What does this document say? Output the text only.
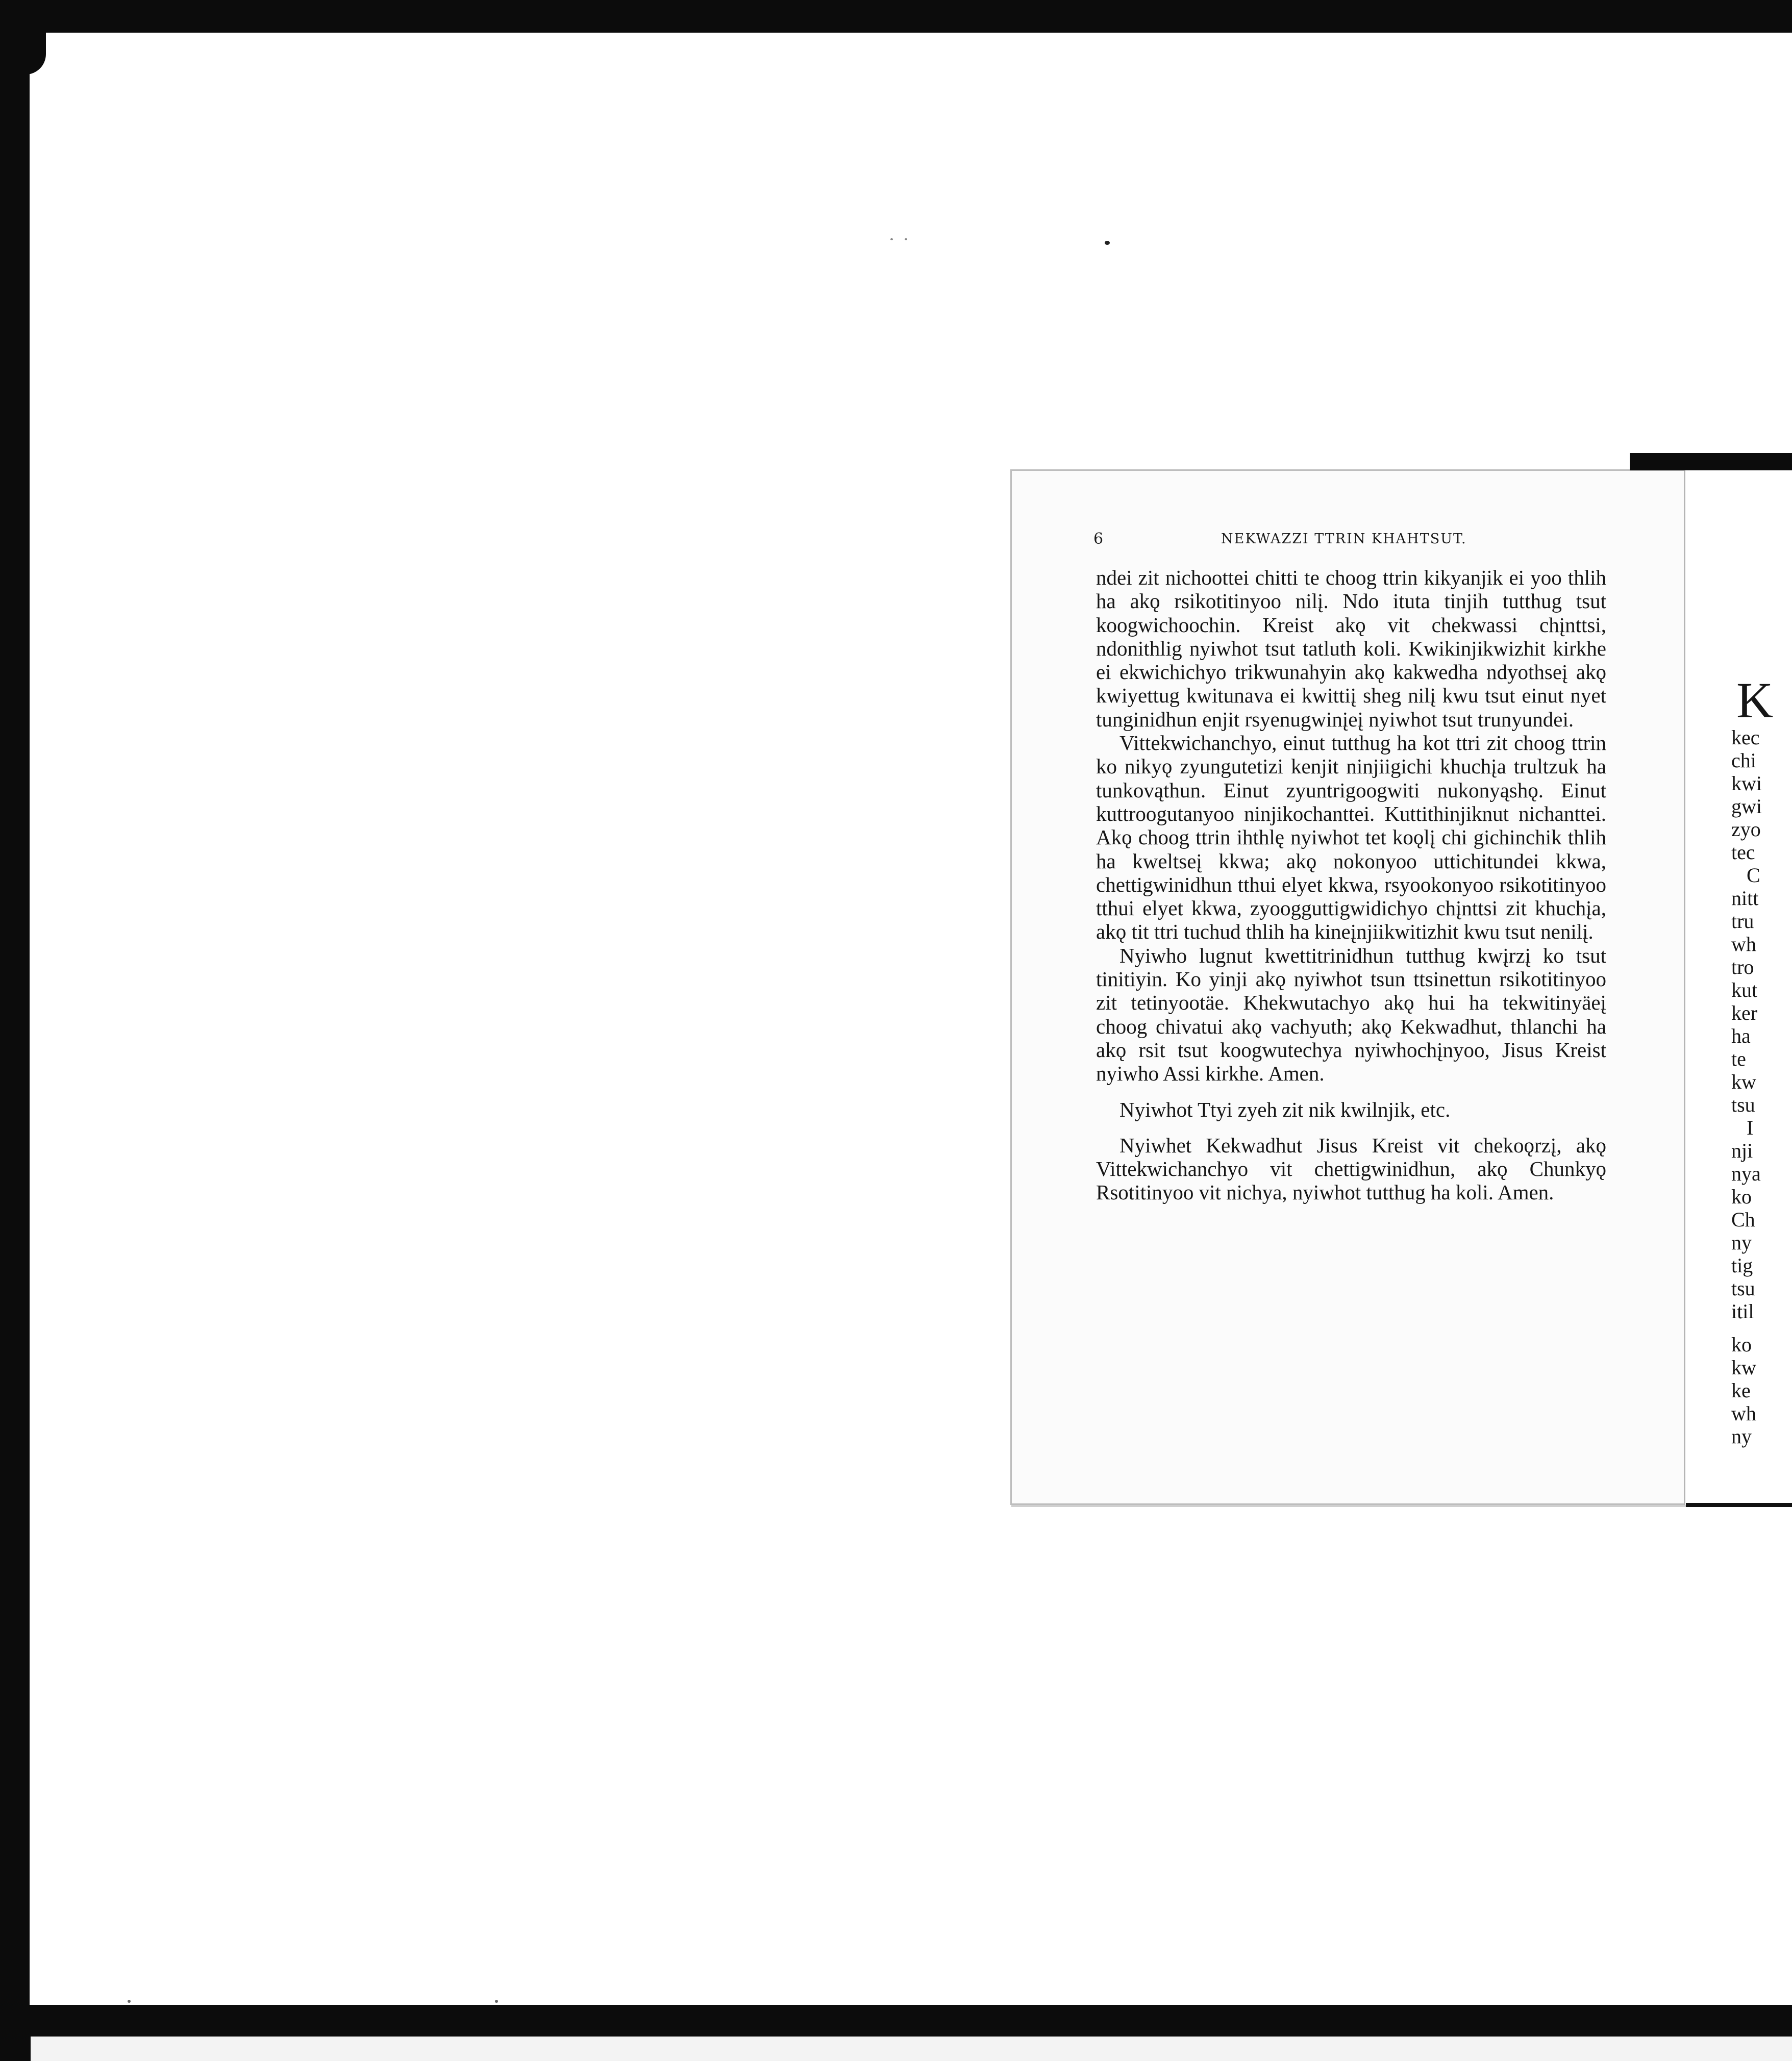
6	NEKWAZZI TTRIN KHAHTSUT.

ndei zit nichoottei chitti te choog ttrin kikyanjik ei yoo thlih ha akǫ rsikotitinyoo nilį. Ndo ituta tinjih tutthug tsut koogwichoochin. Kreist akǫ vit chekwassi chįnttsi, ndonithlig nyiwhot tsut tatluth koli. Kwikinjikwizhit kirkhe ei ekwichichyo trikwunahyin akǫ kakwedha ndyothseį akǫ kwiyettug kwitunava ei kwittiį sheg nilį kwu tsut einut nyet tunginidhun enjit rsyenugwinįeį nyiwhot tsut trunyundei.

Vittekwichanchyo, einut tutthug ha kot ttri zit choog ttrin ko nikyǫ zyungutetizi kenjit ninjiigichi khuchįa trultzuk ha tunkovąthun. Einut zyuntrigoogwiti nukonyąshǫ. Einut kuttroogutanyoo ninjikochanttei. Kuttithinjiknut nichanttei. Akǫ choog ttrin ihthlę nyiwhot tet koǫlį chi gichinchik thlih ha kweltseį kkwa; akǫ nokonyoo uttichitundei kkwa, chettigwinidhun tthui elyet kkwa, rsyookonyoo rsikotitinyoo tthui elyet kkwa, zyoogguttigwidichyo chįnttsi zit khuchįa, akǫ tit ttri tuchud thlih ha kineįnjiikwitizhit kwu tsut nenilį.

Nyiwho lugnut kwettitrinidhun tutthug kwįrzį ko tsut tinitiyin. Ko yinji akǫ nyiwhot tsun ttsinettun rsikotitinyoo zit tetinyootäe. Khekwutachyo akǫ hui ha tekwitinyäeį choog chivatui akǫ vachyuth; akǫ Kekwadhut, thlanchi ha akǫ rsit tsut koogwutechya nyiwhochįnyoo, Jisus Kreist nyiwho Assi kirkhe. Amen.

Nyiwhot Ttyi zyeh zit nik kwilnjik, etc.

Nyiwhet Kekwadhut Jisus Kreist vit chekoǫrzį, akǫ Vittekwichanchyo vit chettigwinidhun, akǫ Chunkyǫ Rsotitinyoo vit nichya, nyiwhot tutthug ha koli. Amen.

K
kec
chi
kwi
gwi
zyo
tec
C
nitt
tru
wh
tro
kut
ker
ha
te
kw
tsu
I
nji
nya
ko
Ch
ny
tig
tsu
itil
ko
kw
ke
wh
ny
